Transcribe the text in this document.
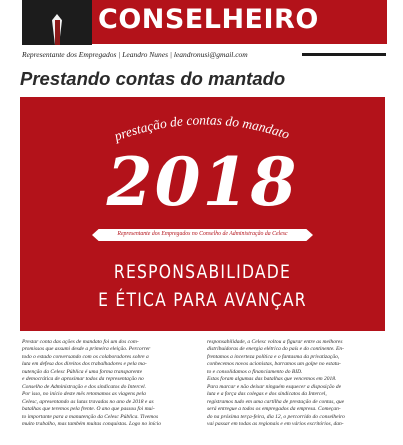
CONSELHEIRO
Representante dos Empregados | Leandro Nunes | leandronusi@gmail.com
Prestando contas do mantado
prestação de contas do mandato
2018
Representante dos Empregados no Conselho de Administração da Celesc
RESPONSABILIDADE
E ÉTICA PARA AVANÇAR

Prestar conta das ações de mandato foi um dos com-

promissos que assumi desde a primeira eleição. Percorrer

todo o estado conversando com os colaboradores sobre a

luta em defesa dos direitos dos trabalhadores e pela ma-

nutenção da Celesc Pública é uma forma transparente

e democrática de aproximar todos da representação no

Conselho de Administração e dos sindicatos do Intercel.

Por isso, no início deste mês retomamos as viagens pela

Celesc, apresentando as lutas travadas no ano de 2018 e as

batalhas que teremos pela frente. O ano que passou foi mui-

to importante para a manutenção da Celesc Pública. Tivemos

muito trabalho, mas também muitas conquistas. Logo no início

responsabilidade, a Celesc voltou a figurar entre as melhores

distribuidoras de energia elétrica do país e do continente. En-

frentamos a incerteza política e o fantasma da privatização,

conhecemos novos acionistas, barramos um golpe no estatu-

to e consolidamos o financiamento do BID.

Estas foram algumas das batalhas que vencemos em 2018.

Para marcar e não deixar ninguém esquecer a disposição de

luta e a força das colegas e dos sindicatos da Intercel,

registramos tudo em uma cartilha de prestação de contas, que

será entregue a todos os empregados da empresa. Começan-

do na próxima terça-feira, dia 12, o percorrido do conselheiro

vai passar em todas as regionais e em vários escritórios, dan-
